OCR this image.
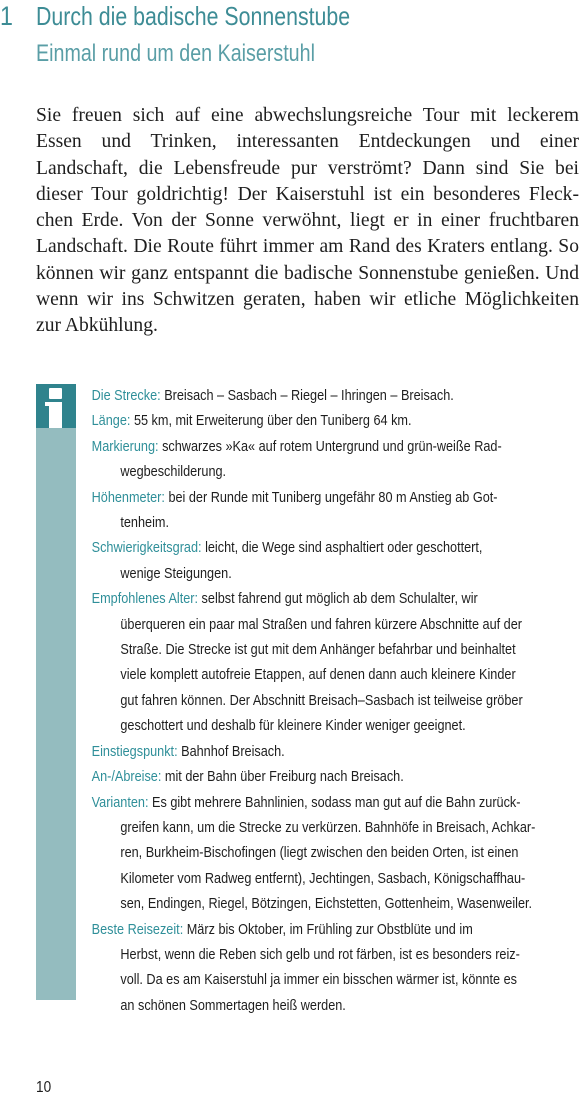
1 Durch die badische Sonnenstube
Einmal rund um den Kaiserstuhl

Sie freuen sich auf eine abwechslungsreiche Tour mit leckerem Essen und Trinken, interessanten Entdeckungen und einer Landschaft, die Lebensfreude pur verströmt? Dann sind Sie bei dieser Tour goldrichtig! Der Kaiserstuhl ist ein besonderes Fleckchen Erde. Von der Sonne verwöhnt, liegt er in einer fruchtbaren Landschaft. Die Route führt immer am Rand des Kraters entlang. So können wir ganz entspannt die badische Sonnenstube genießen. Und wenn wir ins Schwitzen geraten, haben wir etliche Möglichkeiten zur Abkühlung.

Die Strecke: Breisach – Sasbach – Riegel – Ihringen – Breisach.
Länge: 55 km, mit Erweiterung über den Tuniberg 64 km.
Markierung: schwarzes »Ka« auf rotem Untergrund und grün-weiße Rad-
wegbeschilderung.
Höhenmeter: bei der Runde mit Tuniberg ungefähr 80 m Anstieg ab Got-
tenheim.
Schwierigkeitsgrad: leicht, die Wege sind asphaltiert oder geschottert,
wenige Steigungen.
Empfohlenes Alter: selbst fahrend gut möglich ab dem Schulalter, wir
überqueren ein paar mal Straßen und fahren kürzere Abschnitte auf der
Straße. Die Strecke ist gut mit dem Anhänger befahrbar und beinhaltet
viele komplett autofreie Etappen, auf denen dann auch kleinere Kinder
gut fahren können. Der Abschnitt Breisach–Sasbach ist teilweise gröber
geschottert und deshalb für kleinere Kinder weniger geeignet.
Einstiegspunkt: Bahnhof Breisach.
An-/Abreise: mit der Bahn über Freiburg nach Breisach.
Varianten: Es gibt mehrere Bahnlinien, sodass man gut auf die Bahn zurück-
greifen kann, um die Strecke zu verkürzen. Bahnhöfe in Breisach, Achkar-
ren, Burkheim-Bischofingen (liegt zwischen den beiden Orten, ist einen
Kilometer vom Radweg entfernt), Jechtingen, Sasbach, Königschaffhau-
sen, Endingen, Riegel, Bötzingen, Eichstetten, Gottenheim, Wasenweiler.
Beste Reisezeit: März bis Oktober, im Frühling zur Obstblüte und im
Herbst, wenn die Reben sich gelb und rot färben, ist es besonders reiz-
voll. Da es am Kaiserstuhl ja immer ein bisschen wärmer ist, könnte es
an schönen Sommertagen heiß werden.
10
